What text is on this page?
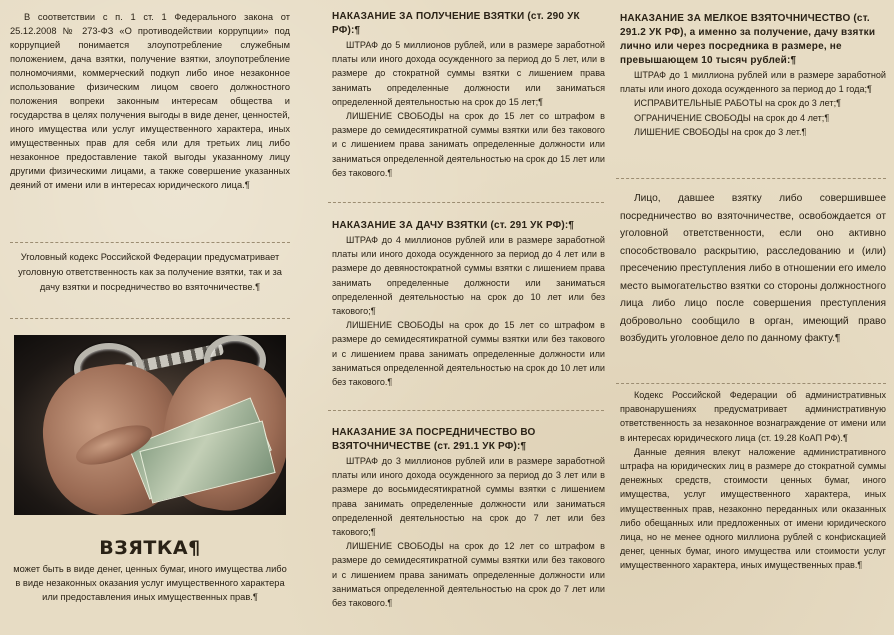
В соответствии с п. 1 ст. 1 Федерального закона от 25.12.2008 № 273-ФЗ «О противодействии коррупции» под коррупцией понимается злоупотребление служебным положением, дача взятки, получение взятки, злоупотребление полномочиями, коммерческий подкуп либо иное незаконное использование физическим лицом своего должностного положения вопреки законным интересам общества и государства в целях получения выгоды в виде денег, ценностей, иного имущества или услуг имущественного характера, иных имущественных прав для себя или для третьих лиц либо незаконное предоставление такой выгоды указанному лицу другими физическими лицами, а также совершение указанных деяний от имени или в интересах юридического лица.¶

Уголовный кодекс Российской Федерации предусматривает уголовную ответственность как за получение взятки, так и за дачу взятки и посредничество во взяточничестве.¶

ВЗЯТКА¶

может быть в виде денег, ценных бумаг, иного имущества либо в виде незаконных оказания услуг имущественного характера или предоставления иных имущественных прав.¶

НАКАЗАНИЕ ЗА ПОЛУЧЕНИЕ ВЗЯТКИ (ст. 290 УК РФ):¶

ШТРАФ до 5 миллионов рублей, или в размере заработной платы или иного дохода осужденного за период до 5 лет, или в размере до стократной суммы взятки с лишением права занимать определенные должности или заниматься определенной деятельностью на срок до 15 лет;¶

ЛИШЕНИЕ СВОБОДЫ на срок до 15 лет со штрафом в размере до семидесятикратной суммы взятки или без такового и с лишением права занимать определенные должности или заниматься определенной деятельностью на срок до 15 лет или без такового.¶

НАКАЗАНИЕ ЗА ДАЧУ ВЗЯТКИ (ст. 291 УК РФ):¶

ШТРАФ до 4 миллионов рублей или в размере заработной платы или иного дохода осужденного за период до 4 лет или в размере до девяностократной суммы взятки с лишением права занимать определенные должности или заниматься определенной деятельностью на срок до 10 лет или без такового;¶

ЛИШЕНИЕ СВОБОДЫ на срок до 15 лет со штрафом в размере до семидесятикратной суммы взятки или без такового и с лишением права занимать определенные должности или заниматься определенной деятельностью на срок до 10 лет или без такового.¶

НАКАЗАНИЕ ЗА ПОСРЕДНИЧЕСТВО ВО ВЗЯТОЧНИЧЕСТВЕ (ст. 291.1 УК РФ):¶

ШТРАФ до 3 миллионов рублей или в размере заработной платы или иного дохода осужденного за период до 3 лет или в размере до восьмидесятикратной суммы взятки с лишением права занимать определенные должности или заниматься определенной деятельностью на срок до 7 лет или без такового;¶

ЛИШЕНИЕ СВОБОДЫ на срок до 12 лет со штрафом в размере до семидесятикратной суммы взятки или без такового и с лишением права занимать определенные должности или заниматься определенной деятельностью на срок до 7 лет или без такового.¶

НАКАЗАНИЕ ЗА МЕЛКОЕ ВЗЯТОЧНИЧЕСТВО (ст. 291.2 УК РФ), а именно за получение, дачу взятки лично или через посредника в размере, не превышающем 10 тысяч рублей:¶

ШТРАФ до 1 миллиона рублей или в размере заработной платы или иного дохода осужденного за период до 1 года;¶

ИСПРАВИТЕЛЬНЫЕ РАБОТЫ на срок до 3 лет;¶

ОГРАНИЧЕНИЕ СВОБОДЫ на срок до 4 лет;¶

ЛИШЕНИЕ СВОБОДЫ на срок до 3 лет.¶

Лицо, давшее взятку либо совершившее посредничество во взяточничестве, освобождается от уголовной ответственности, если оно активно способствовало раскрытию, расследованию и (или) пресечению преступления либо в отношении его имело место вымогательство взятки со стороны должностного лица либо лицо после совершения преступления добровольно сообщило в орган, имеющий право возбудить уголовное дело по данному факту.¶

Кодекс Российской Федерации об административных правонарушениях предусматривает административную ответственность за незаконное вознаграждение от имени или в интересах юридического лица (ст. 19.28 КоАП РФ).¶

Данные деяния влекут наложение административного штрафа на юридических лиц в размере до стократной суммы денежных средств, стоимости ценных бумаг, иного имущества, услуг имущественного характера, иных имущественных прав, незаконно переданных или оказанных либо обещанных или предложенных от имени юридического лица, но не менее одного миллиона рублей с конфискацией денег, ценных бумаг, иного имущества или стоимости услуг имущественного характера, иных имущественных прав.¶
